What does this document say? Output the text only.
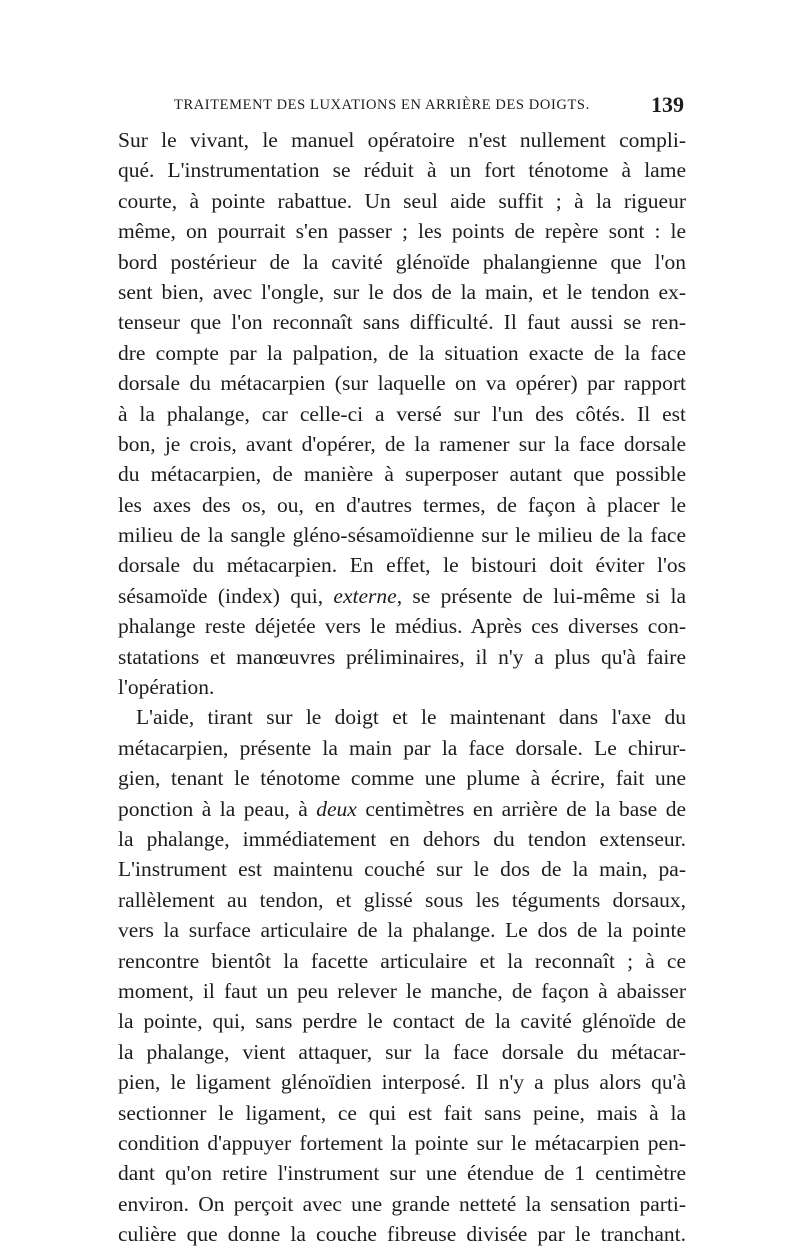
TRAITEMENT DES LUXATIONS EN ARRIÈRE DES DOIGTS.	139
Sur le vivant, le manuel opératoire n'est nullement compli-
qué. L'instrumentation se réduit à un fort ténotome à lame
courte, à pointe rabattue. Un seul aide suffit ; à la rigueur
même, on pourrait s'en passer ; les points de repère sont : le
bord postérieur de la cavité glénoïde phalangienne que l'on
sent bien, avec l'ongle, sur le dos de la main, et le tendon ex-
tenseur que l'on reconnaît sans difficulté. Il faut aussi se ren-
dre compte par la palpation, de la situation exacte de la face
dorsale du métacarpien (sur laquelle on va opérer) par rapport
à la phalange, car celle-ci a versé sur l'un des côtés. Il est
bon, je crois, avant d'opérer, de la ramener sur la face dorsale
du métacarpien, de manière à superposer autant que possible
les axes des os, ou, en d'autres termes, de façon à placer le
milieu de la sangle gléno-sésamoïdienne sur le milieu de la face
dorsale du métacarpien. En effet, le bistouri doit éviter l'os
sésamoïde (index) qui, externe, se présente de lui-même si la
phalange reste déjetée vers le médius. Après ces diverses con-
statations et manœuvres préliminaires, il n'y a plus qu'à faire
l'opération.
L'aide, tirant sur le doigt et le maintenant dans l'axe du
métacarpien, présente la main par la face dorsale. Le chirur-
gien, tenant le ténotome comme une plume à écrire, fait une
ponction à la peau, à deux centimètres en arrière de la base de
la phalange, immédiatement en dehors du tendon extenseur.
L'instrument est maintenu couché sur le dos de la main, pa-
rallèlement au tendon, et glissé sous les téguments dorsaux,
vers la surface articulaire de la phalange. Le dos de la pointe
rencontre bientôt la facette articulaire et la reconnaît ; à ce
moment, il faut un peu relever le manche, de façon à abaisser
la pointe, qui, sans perdre le contact de la cavité glénoïde de
la phalange, vient attaquer, sur la face dorsale du métacar-
pien, le ligament glénoïdien interposé. Il n'y a plus alors qu'à
sectionner le ligament, ce qui est fait sans peine, mais à la
condition d'appuyer fortement la pointe sur le métacarpien pen-
dant qu'on retire l'instrument sur une étendue de 1 centimètre
environ. On perçoit avec une grande netteté la sensation parti-
culière que donne la couche fibreuse divisée par le tranchant.
